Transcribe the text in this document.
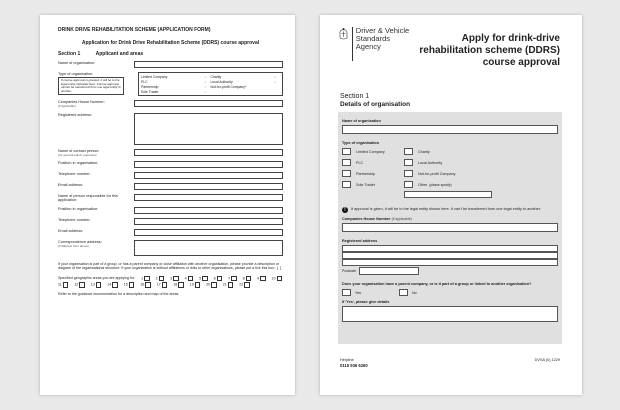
DRINK DRIVE REHABILITATION SCHEME (APPLICATION FORM)
Application for Drink Drive Rehabilitation Scheme (DDRS) course approval
Section 1	Applicant and areas
Name of organisation:
Type of organisation:
If course approval is granted, it will be to the legal entity indicated here. Course approval cannot be transferred from one legal entity to another.
Limited Company	○ Charity	○
PLC	○ Local Authority	○
Partnership	○ Not-for-profit Company*
Sole Trader	○
Companies House Number:
(if applicable)
Registered address:
Name of contact person:
(for general admin purposes)
Position in organisation:
Telephone number:
Email address:
Name of person responsible for this application:
Position in organisation:
Telephone number:
Email address:
Correspondence address:
(if different from above)
If your organisation is part of a group, or has a parent company or close affiliation with another organisation, please provide a description or diagram of the organisational structure. If your organisation is without affiliations or links to other organisations, please put a tick this box:  [  ]
Specified geographic areas you are applying for: 1	2	3	4	5	6	7	8	9	10
11	12	13	14	15	16	17	18	19	20	21	22
Refer to the guidance documentation for a description and map of the areas
Driver & Vehicle
Standards
Agency
Apply for drink-drive
rehabilitation scheme (DDRS)
course approval
Section 1
Details of organisation
Name of organisation
Type of organisation
Limited Company	Charity
PLC	Local Authority
Partnership	Not-for-profit Company
Sole Trader	Other (please specify)
!	If approval is given, it will be to the legal entity shown here. It can't be transferred from one legal entity to another.
Companies House Number (if applicable)
Registered address
Postcode
Does your organisation have a parent company, or is it part of a group or linked to another organisation?
Yes	No
If 'Yes', please give details
Helpline
0115 936 6260
DVSA (0) 1229
